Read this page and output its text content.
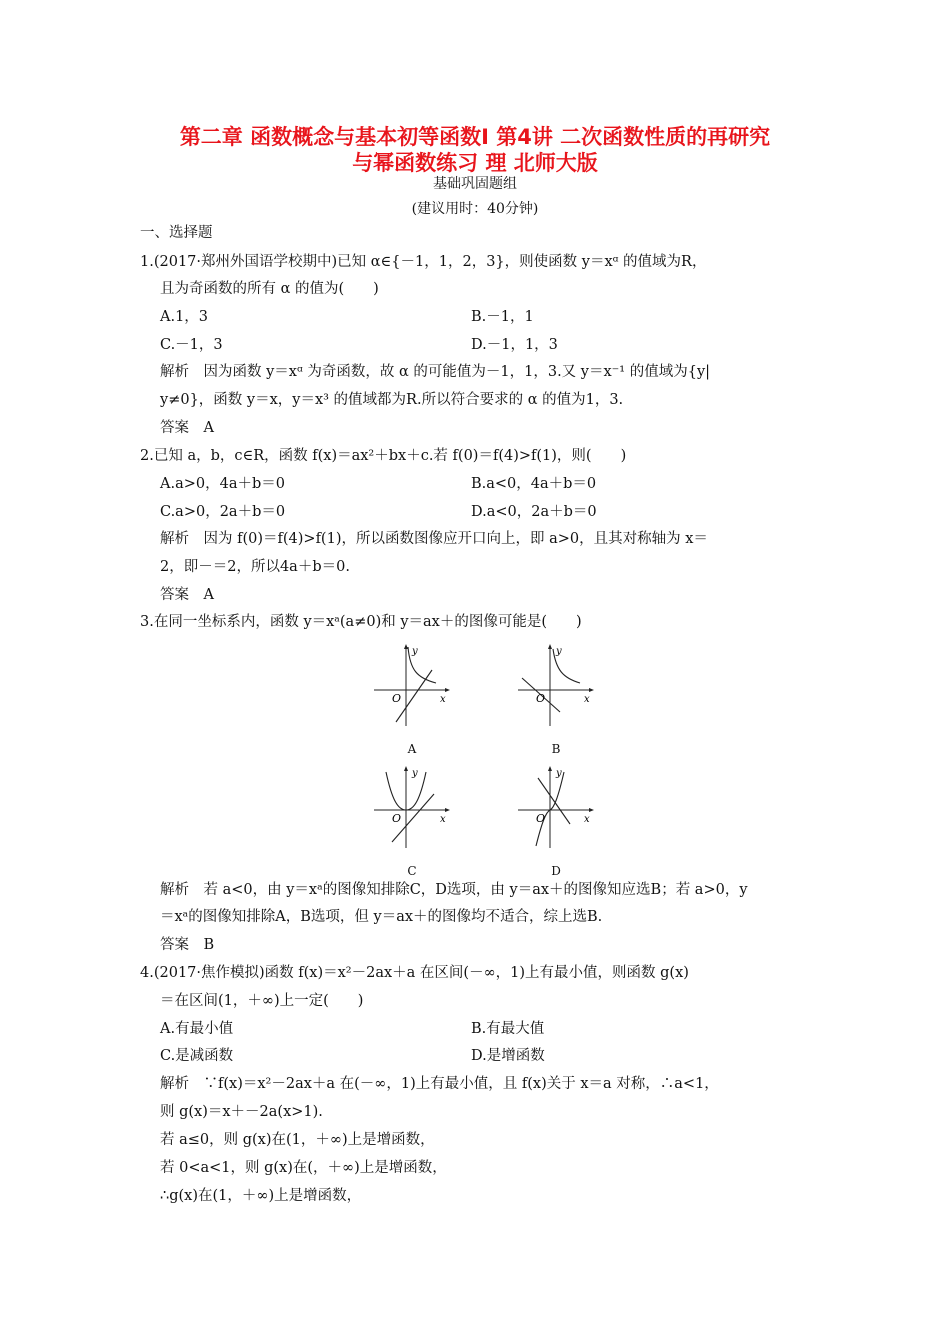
第二章 函数概念与基本初等函数Ⅰ 第4讲 二次函数性质的再研究
与幂函数练习 理 北师大版
基础巩固题组
(建议用时：40分钟)
一、选择题
1.(2017·郑州外国语学校期中)已知 α∈{－1，1，2，3}，则使函数 y＝xᵅ 的值域为R，
且为奇函数的所有 α 的值为(　　)
A.1，3	B.－1，1
C.－1，3	D.－1，1，3
解析　因为函数 y＝xᵅ 为奇函数，故 α 的可能值为－1，1，3.又 y＝x⁻¹ 的值域为{y|
y≠0}，函数 y＝x，y＝x³ 的值域都为R.所以符合要求的 α 的值为1，3.
答案　A
2.已知 a，b，c∈R，函数 f(x)＝ax²＋bx＋c.若 f(0)＝f(4)>f(1)，则(　　)
A.a>0，4a＋b＝0	B.a<0，4a＋b＝0
C.a>0，2a＋b＝0	D.a<0，2a＋b＝0
解析　因为 f(0)＝f(4)>f(1)，所以函数图像应开口向上，即 a>0，且其对称轴为 x＝
2，即－＝2，所以4a＋b＝0.
答案　A
3.在同一坐标系内，函数 y＝xᵃ(a≠0)和 y＝ax＋的图像可能是(　　)
y
x
O
A
y
x
O
B
y
x
O
C
y
x
O
D
解析　若 a<0，由 y＝xᵃ的图像知排除C，D选项，由 y＝ax＋的图像知应选B；若 a>0，y
＝xᵃ的图像知排除A，B选项，但 y＝ax＋的图像均不适合，综上选B.
答案　B
4.(2017·焦作模拟)函数 f(x)＝x²－2ax＋a 在区间(－∞，1)上有最小值，则函数 g(x)
＝在区间(1，＋∞)上一定(　　)
A.有最小值	B.有最大值
C.是减函数	D.是增函数
解析　∵f(x)＝x²－2ax＋a 在(－∞，1)上有最小值，且 f(x)关于 x＝a 对称，∴a<1，
则 g(x)＝x＋－2a(x>1).
若 a≤0，则 g(x)在(1，＋∞)上是增函数，
若 0<a<1，则 g(x)在(，＋∞)上是增函数，
∴g(x)在(1，＋∞)上是增函数，
